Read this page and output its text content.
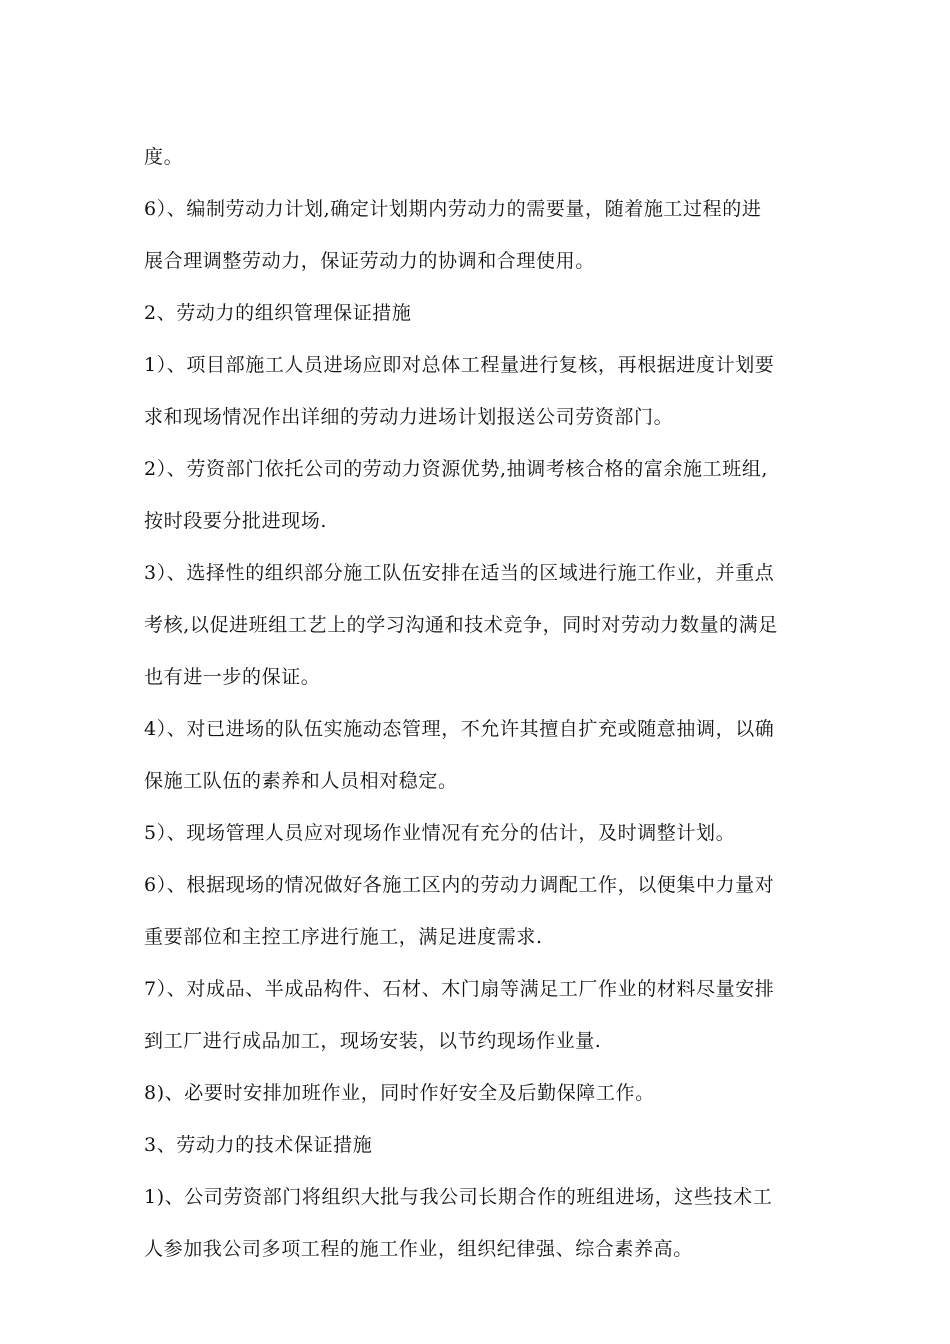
度。
6）、编制劳动力计划,确定计划期内劳动力的需要量，随着施工过程的进
展合理调整劳动力，保证劳动力的协调和合理使用。
2、劳动力的组织管理保证措施
1）、项目部施工人员进场应即对总体工程量进行复核，再根据进度计划要
求和现场情况作出详细的劳动力进场计划报送公司劳资部门。
2）、劳资部门依托公司的劳动力资源优势,抽调考核合格的富余施工班组,
按时段要分批进现场.
3）、选择性的组织部分施工队伍安排在适当的区域进行施工作业，并重点
考核,以促进班组工艺上的学习沟通和技术竞争，同时对劳动力数量的满足
也有进一步的保证。
4）、对已进场的队伍实施动态管理，不允许其擅自扩充或随意抽调，以确
保施工队伍的素养和人员相对稳定。
5）、现场管理人员应对现场作业情况有充分的估计，及时调整计划。
6）、根据现场的情况做好各施工区内的劳动力调配工作，以便集中力量对
重要部位和主控工序进行施工，满足进度需求.
7）、对成品、半成品构件、石材、木门扇等满足工厂作业的材料尽量安排
到工厂进行成品加工，现场安装，以节约现场作业量.
8)、必要时安排加班作业，同时作好安全及后勤保障工作。
3、劳动力的技术保证措施
1)、公司劳资部门将组织大批与我公司长期合作的班组进场，这些技术工
人参加我公司多项工程的施工作业，组织纪律强、综合素养高。
